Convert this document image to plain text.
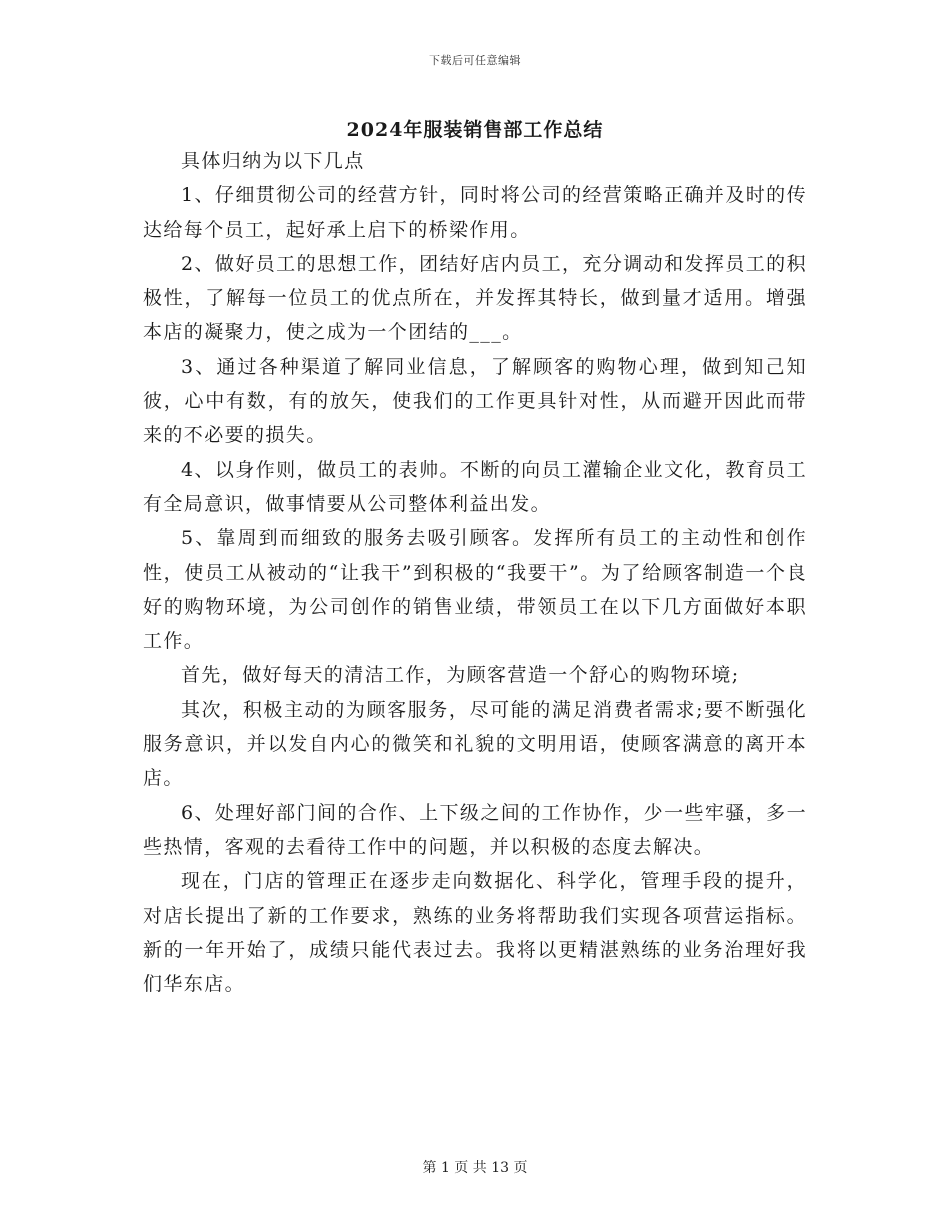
下载后可任意编辑
2024年服装销售部工作总结

具体归纳为以下几点

1、仔细贯彻公司的经营方针，同时将公司的经营策略正确并及时的传达给每个员工，起好承上启下的桥梁作用。

2、做好员工的思想工作，团结好店内员工，充分调动和发挥员工的积极性，了解每一位员工的优点所在，并发挥其特长，做到量才适用。增强本店的凝聚力，使之成为一个团结的___。

3、通过各种渠道了解同业信息，了解顾客的购物心理，做到知己知彼，心中有数，有的放矢，使我们的工作更具针对性，从而避开因此而带来的不必要的损失。

4、以身作则，做员工的表帅。不断的向员工灌输企业文化，教育员工有全局意识，做事情要从公司整体利益出发。

5、靠周到而细致的服务去吸引顾客。发挥所有员工的主动性和创作性，使员工从被动的“让我干”到积极的“我要干”。为了给顾客制造一个良好的购物环境，为公司创作的销售业绩，带领员工在以下几方面做好本职工作。

首先，做好每天的清洁工作，为顾客营造一个舒心的购物环境;

其次，积极主动的为顾客服务，尽可能的满足消费者需求;要不断强化服务意识，并以发自内心的微笑和礼貌的文明用语，使顾客满意的离开本店。

6、处理好部门间的合作、上下级之间的工作协作，少一些牢骚，多一些热情，客观的去看待工作中的问题，并以积极的态度去解决。

现在，门店的管理正在逐步走向数据化、科学化，管理手段的提升，对店长提出了新的工作要求，熟练的业务将帮助我们实现各项营运指标。新的一年开始了，成绩只能代表过去。我将以更精湛熟练的业务治理好我们华东店。

第 1 页 共 13 页
